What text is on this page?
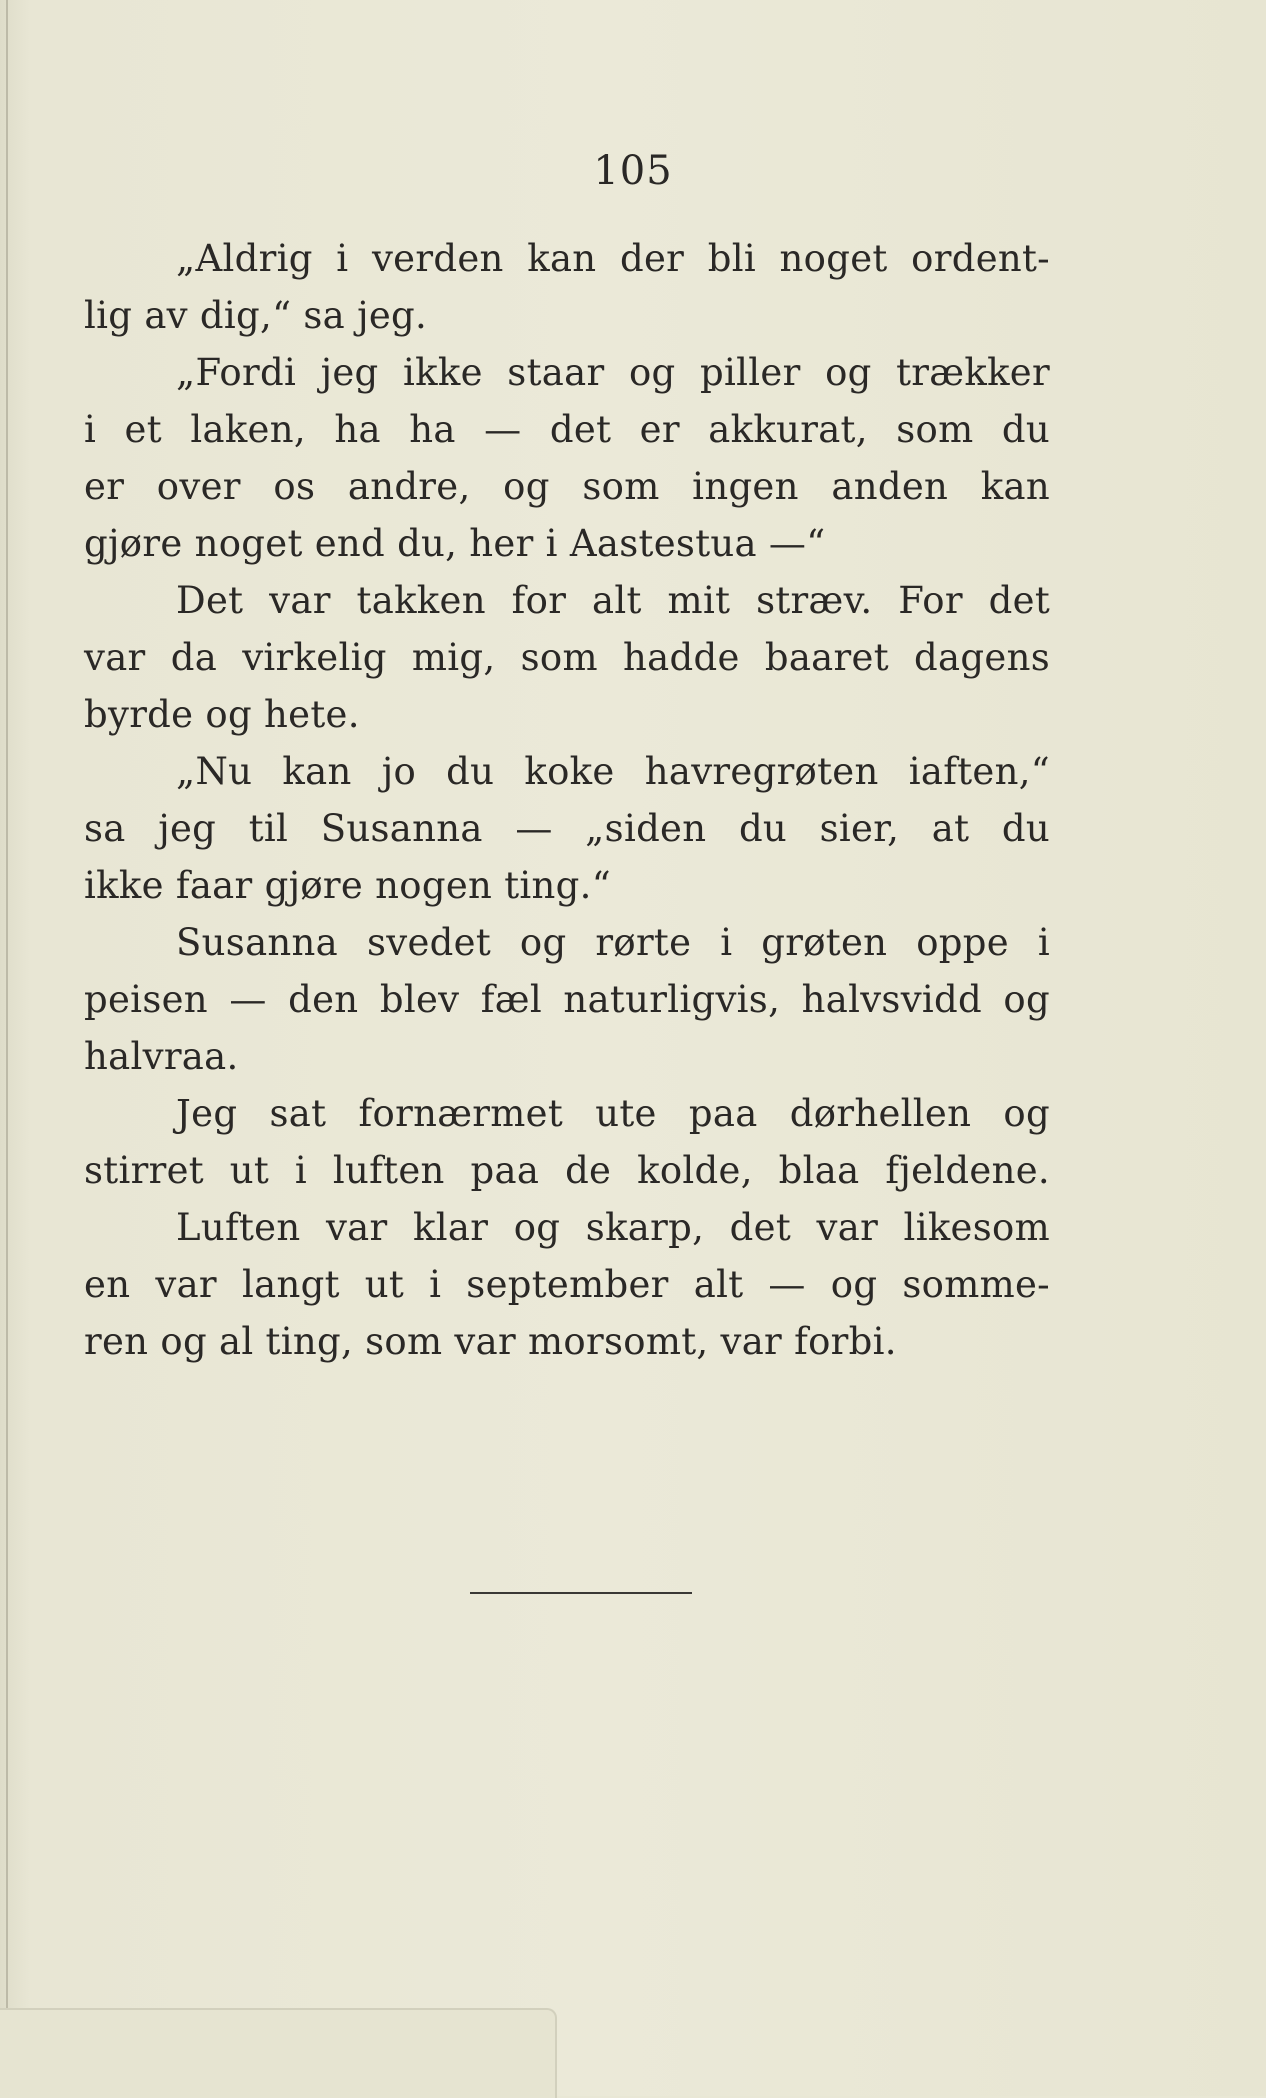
105
„Aldrig i verden kan der bli noget ordent-
lig av dig,“ sa jeg.
„Fordi jeg ikke staar og piller og trækker
i et laken, ha ha — det er akkurat, som du
er over os andre, og som ingen anden kan
gjøre noget end du, her i Aastestua —“
Det var takken for alt mit stræv. For det
var da virkelig mig, som hadde baaret dagens
byrde og hete.
„Nu kan jo du koke havregrøten iaften,“
sa jeg til Susanna — „siden du sier, at du
ikke faar gjøre nogen ting.“
Susanna svedet og rørte i grøten oppe i
peisen — den blev fæl naturligvis, halvsvidd og
halvraa.
Jeg sat fornærmet ute paa dørhellen og
stirret ut i luften paa de kolde, blaa fjeldene.
Luften var klar og skarp, det var likesom
en var langt ut i september alt — og somme-
ren og al ting, som var morsomt, var forbi.
